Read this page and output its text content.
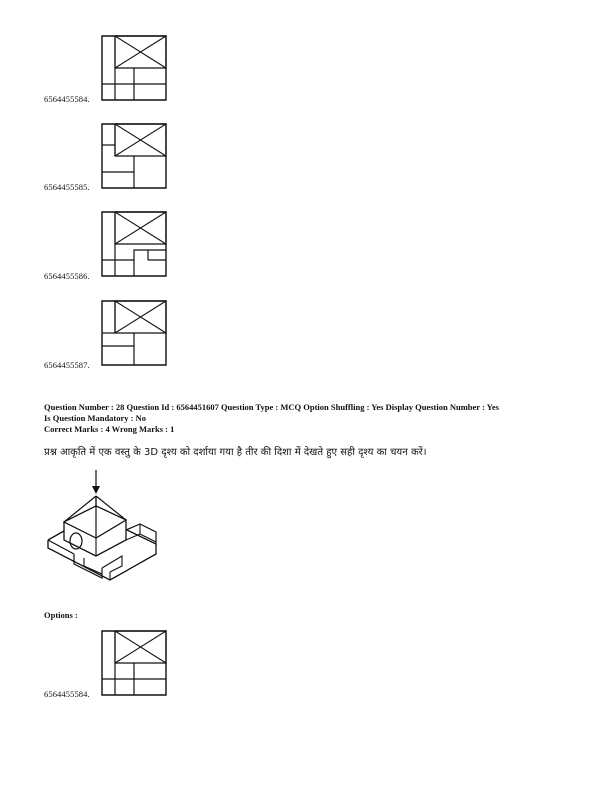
6564455584.
6564455585.
6564455586.
6564455587.
Question Number : 28 Question Id : 6564451607 Question Type : MCQ Option Shuffling : Yes Display Question Number : Yes
Is Question Mandatory : No
Correct Marks : 4 Wrong Marks : 1
प्रश्न आकृति में एक वस्तु के 3D दृश्य को दर्शाया गया है तीर की दिशा में देखते हुए सही दृश्य का चयन करें।
Options :
6564455584.
